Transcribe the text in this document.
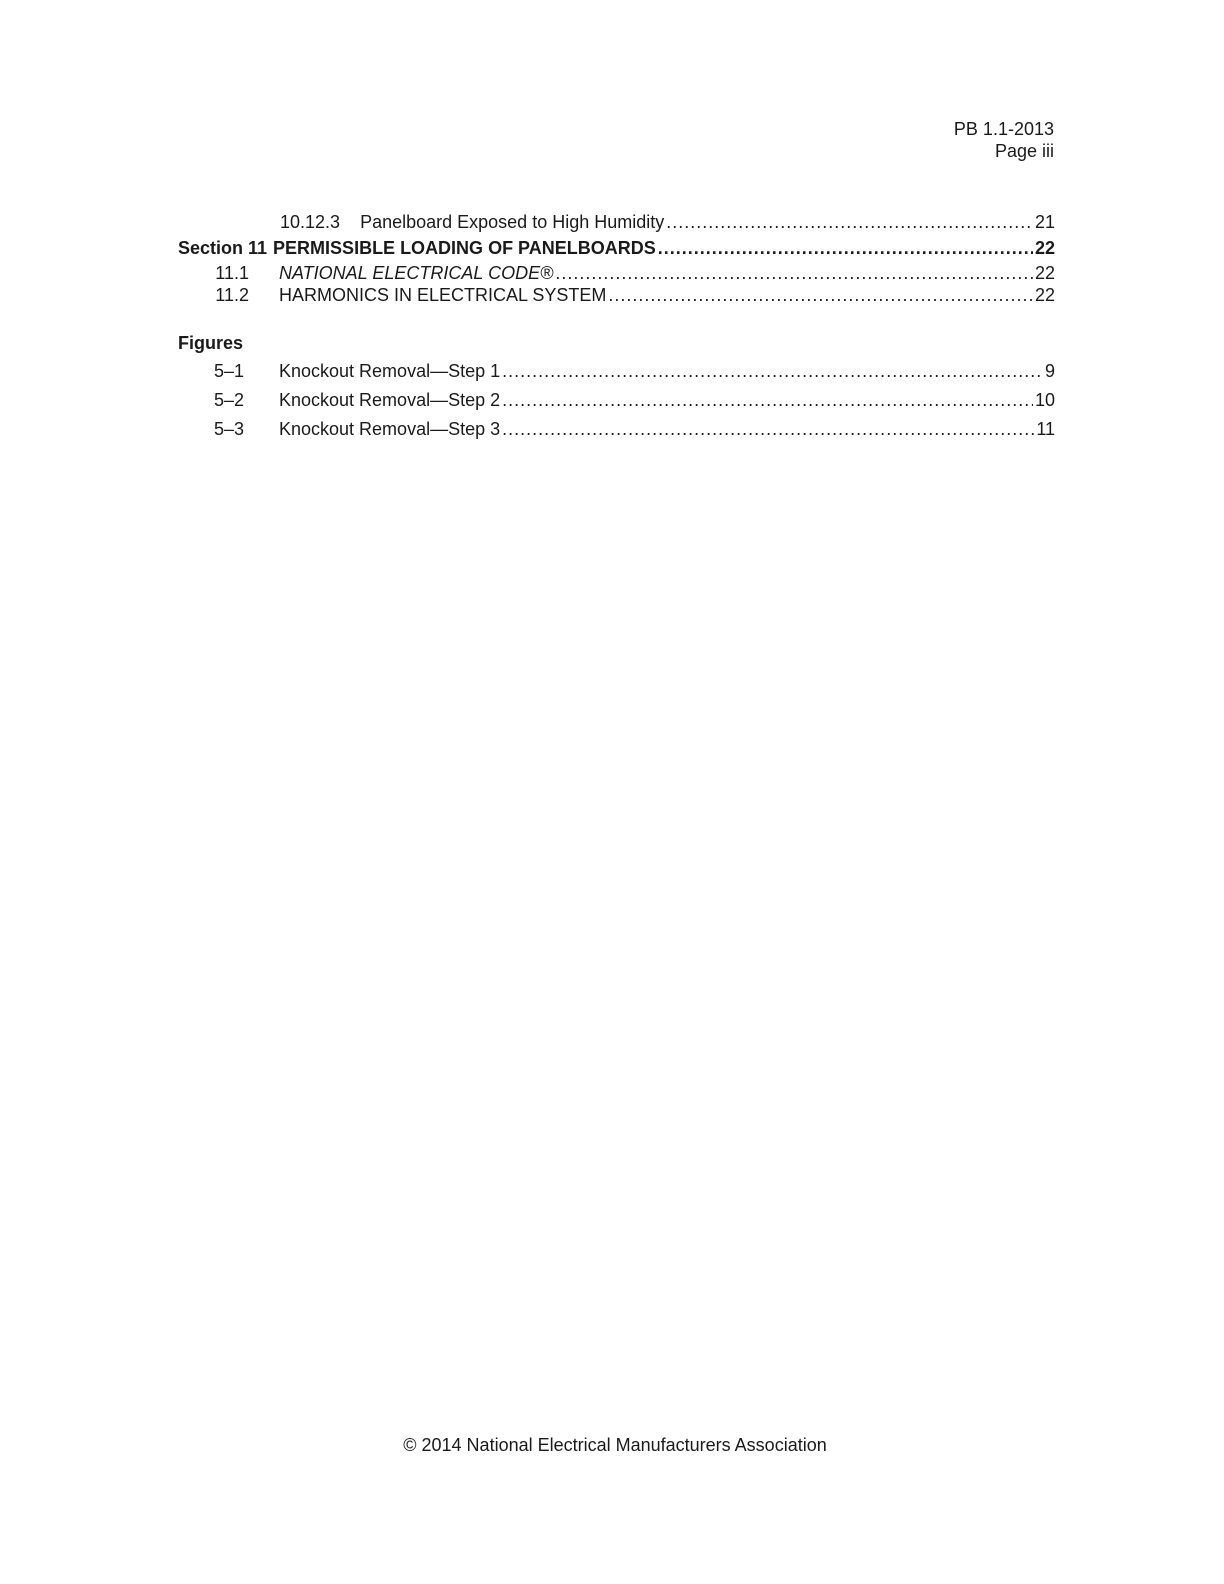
PB 1.1-2013
Page iii
10.12.3 Panelboard Exposed to High Humidity .....	21
Section 11 PERMISSIBLE LOADING OF PANELBOARDS .....	22
11.1 NATIONAL ELECTRICAL CODE® .....	22
11.2 HARMONICS IN ELECTRICAL SYSTEM .....	22
Figures
5–1 Knockout Removal—Step 1 .....	9
5–2 Knockout Removal—Step 2 .....	10
5–3 Knockout Removal—Step 3 .....	11
© 2014 National Electrical Manufacturers Association
